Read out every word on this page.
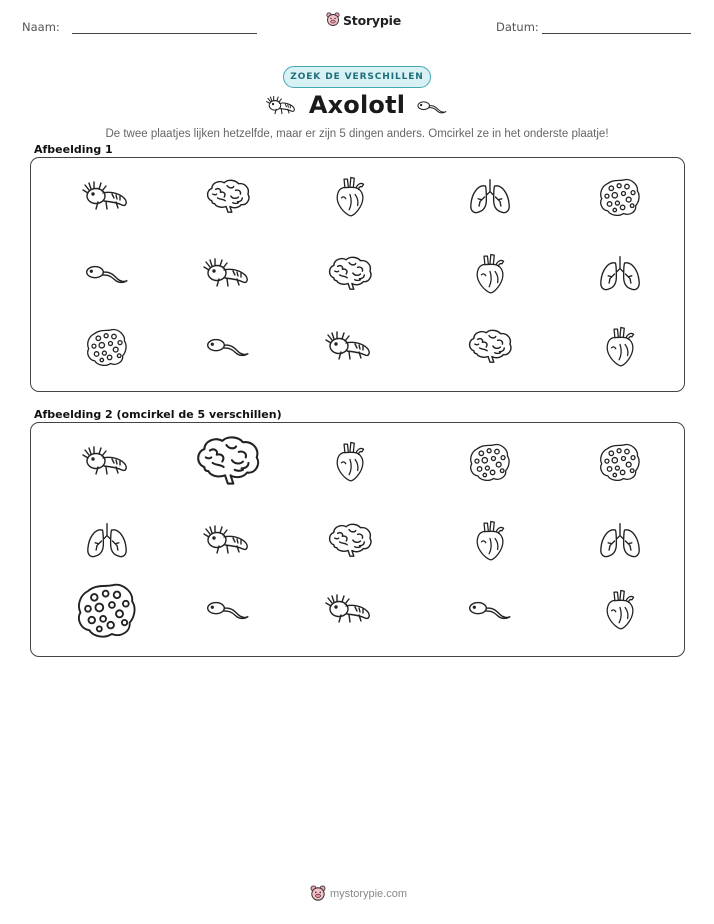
Naam:	Storypie	Datum:
ZOEK DE VERSCHILLEN
Axolotl
De twee plaatjes lijken hetzelfde, maar er zijn 5 dingen anders. Omcirkel ze in het onderste plaatje!
Afbeelding 1
Afbeelding 2 (omcirkel de 5 verschillen)
mystorypie.com
